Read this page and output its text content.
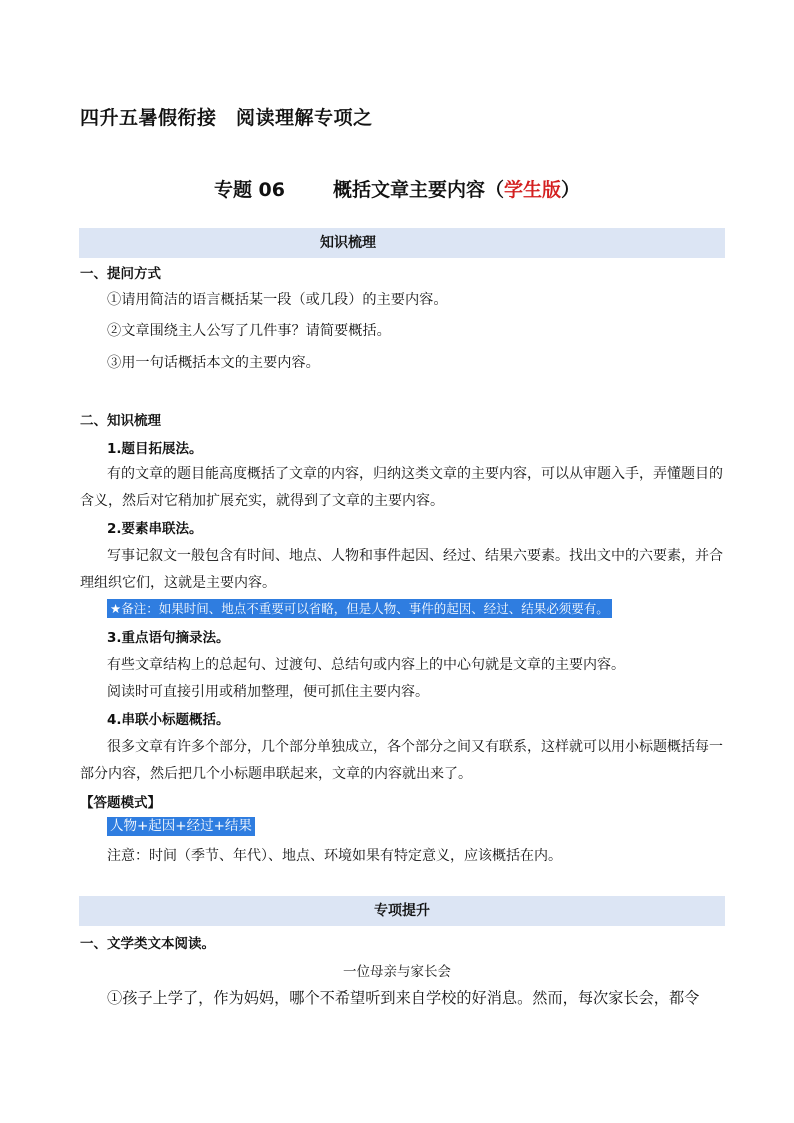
四升五暑假衔接　阅读理解专项之
专题 06	概括文章主要内容（学生版）
知识梳理
一、提问方式
①请用简洁的语言概括某一段（或几段）的主要内容。
②文章围绕主人公写了几件事？请简要概括。
③用一句话概括本文的主要内容。
二、知识梳理
1.题目拓展法。
有的文章的题目能高度概括了文章的内容，归纳这类文章的主要内容，可以从审题入手，弄懂题目的
含义，然后对它稍加扩展充实，就得到了文章的主要内容。
2.要素串联法。
写事记叙文一般包含有时间、地点、人物和事件起因、经过、结果六要素。找出文中的六要素，并合
理组织它们，这就是主要内容。
★备注：如果时间、地点不重要可以省略，但是人物、事件的起因、经过、结果必须要有。
3.重点语句摘录法。
有些文章结构上的总起句、过渡句、总结句或内容上的中心句就是文章的主要内容。
阅读时可直接引用或稍加整理，便可抓住主要内容。
4.串联小标题概括。
很多文章有许多个部分，几个部分单独成立，各个部分之间又有联系，这样就可以用小标题概括每一
部分内容，然后把几个小标题串联起来，文章的内容就出来了。
【答题模式】
人物+起因+经过+结果
注意：时间（季节、年代）、地点、环境如果有特定意义，应该概括在内。
专项提升
一、文学类文本阅读。
一位母亲与家长会
①孩子上学了，作为妈妈，哪个不希望听到来自学校的好消息。然而，每次家长会，都令
